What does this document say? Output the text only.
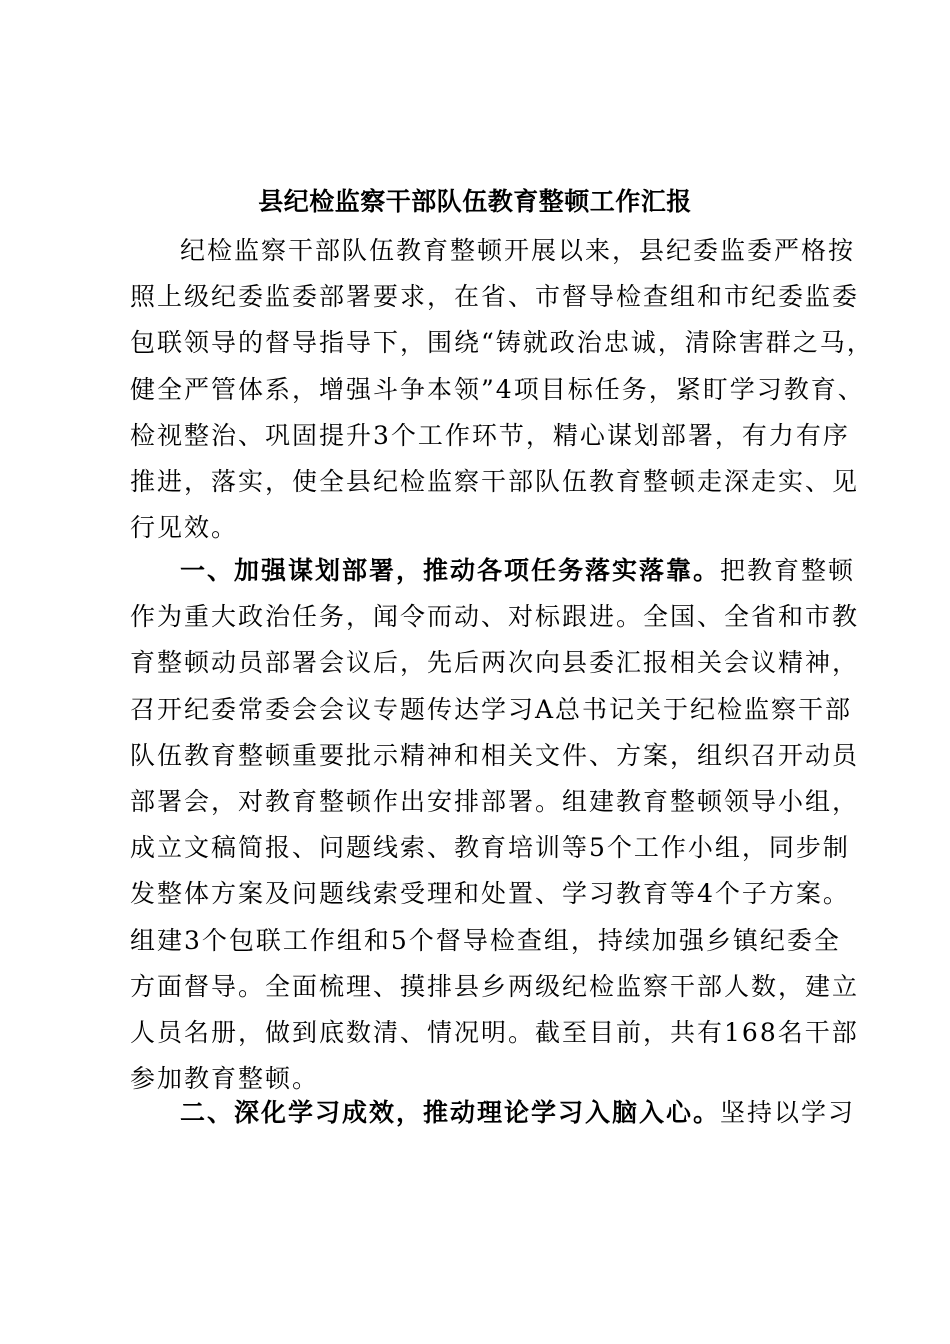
县纪检监察干部队伍教育整顿工作汇报
纪检监察干部队伍教育整顿开展以来，县纪委监委严格按
照上级纪委监委部署要求，在省、市督导检查组和市纪委监委
包联领导的督导指导下，围绕“铸就政治忠诚，清除害群之马，
健全严管体系，增强斗争本领”4项目标任务，紧盯学习教育、
检视整治、巩固提升3个工作环节，精心谋划部署，有力有序
推进，落实，使全县纪检监察干部队伍教育整顿走深走实、见
行见效。
一、加强谋划部署，推动各项任务落实落靠。把教育整顿
作为重大政治任务，闻令而动、对标跟进。全国、全省和市教
育整顿动员部署会议后，先后两次向县委汇报相关会议精神，
召开纪委常委会会议专题传达学习A总书记关于纪检监察干部
队伍教育整顿重要批示精神和相关文件、方案，组织召开动员
部署会，对教育整顿作出安排部署。组建教育整顿领导小组，
成立文稿简报、问题线索、教育培训等5个工作小组，同步制
发整体方案及问题线索受理和处置、学习教育等4个子方案。
组建3个包联工作组和5个督导检查组，持续加强乡镇纪委全
方面督导。全面梳理、摸排县乡两级纪检监察干部人数，建立
人员名册，做到底数清、情况明。截至目前，共有168名干部
参加教育整顿。
二、深化学习成效，推动理论学习入脑入心。坚持以学习
